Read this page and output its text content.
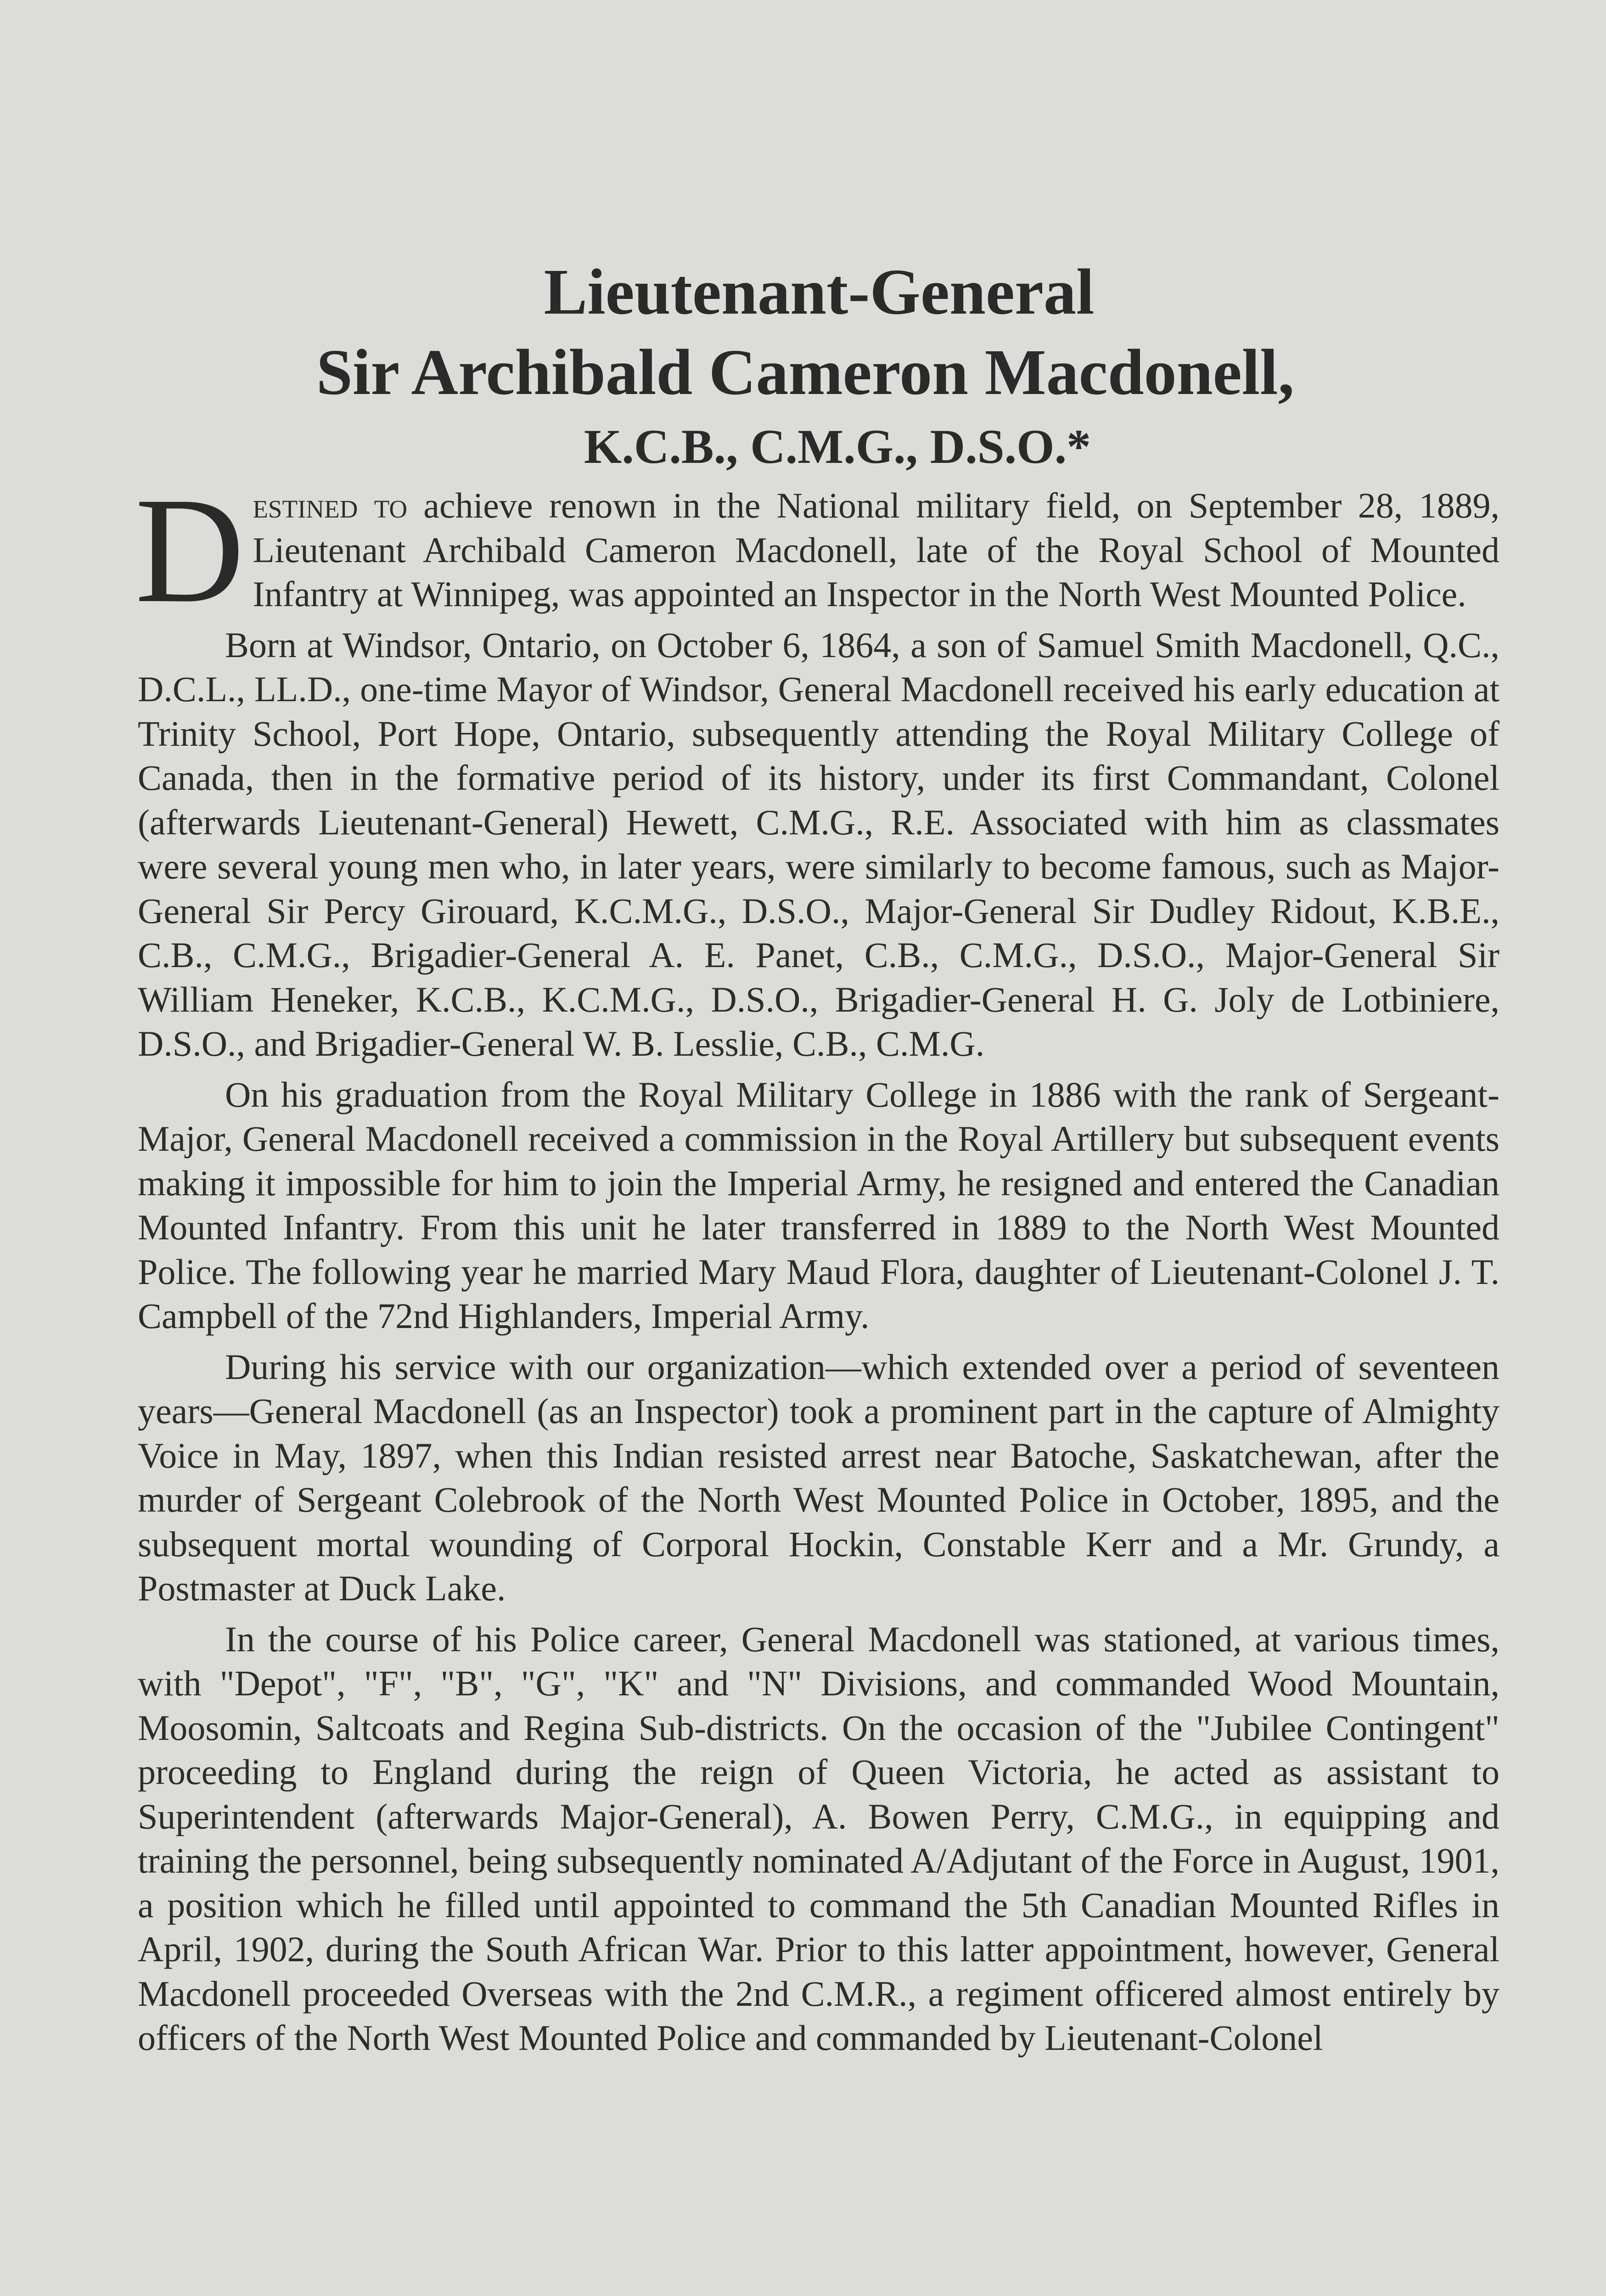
Lieutenant-General
Sir Archibald Cameron Macdonell,
K.C.B., C.M.G., D.S.O.*

Destined to achieve renown in the National military field, on September 28, 1889, Lieutenant Archibald Cameron Macdonell, late of the Royal School of Mounted Infantry at Winnipeg, was appointed an Inspector in the North West Mounted Police.

Born at Windsor, Ontario, on October 6, 1864, a son of Samuel Smith Macdonell, Q.C., D.C.L., LL.D., one-time Mayor of Windsor, General Macdonell received his early education at Trinity School, Port Hope, Ontario, subsequently attending the Royal Military College of Canada, then in the formative period of its history, under its first Commandant, Colonel (afterwards Lieutenant-General) Hewett, C.M.G., R.E. Associated with him as classmates were several young men who, in later years, were similarly to become famous, such as Major-General Sir Percy Girouard, K.C.M.G., D.S.O., Major-General Sir Dudley Ridout, K.B.E., C.B., C.M.G., Brigadier-General A. E. Panet, C.B., C.M.G., D.S.O., Major-General Sir William Heneker, K.C.B., K.C.M.G., D.S.O., Brigadier-General H. G. Joly de Lotbiniere, D.S.O., and Brigadier-General W. B. Lesslie, C.B., C.M.G.

On his graduation from the Royal Military College in 1886 with the rank of Sergeant-Major, General Macdonell received a commission in the Royal Artillery but subsequent events making it impossible for him to join the Imperial Army, he resigned and entered the Canadian Mounted Infantry. From this unit he later transferred in 1889 to the North West Mounted Police. The following year he married Mary Maud Flora, daughter of Lieutenant-Colonel J. T. Campbell of the 72nd Highlanders, Imperial Army.

During his service with our organization—which extended over a period of seventeen years—General Macdonell (as an Inspector) took a prominent part in the capture of Almighty Voice in May, 1897, when this Indian resisted arrest near Batoche, Saskatchewan, after the murder of Sergeant Colebrook of the North West Mounted Police in October, 1895, and the subsequent mortal wounding of Corporal Hockin, Constable Kerr and a Mr. Grundy, a Postmaster at Duck Lake.

In the course of his Police career, General Macdonell was stationed, at various times, with "Depot", "F", "B", "G", "K" and "N" Divisions, and commanded Wood Mountain, Moosomin, Saltcoats and Regina Sub-districts. On the occasion of the "Jubilee Contingent" proceeding to England during the reign of Queen Victoria, he acted as assistant to Superintendent (afterwards Major-General), A. Bowen Perry, C.M.G., in equipping and training the personnel, being subsequently nominated A/Adjutant of the Force in August, 1901, a position which he filled until appointed to command the 5th Canadian Mounted Rifles in April, 1902, during the South African War. Prior to this latter appointment, however, General Macdonell proceeded Overseas with the 2nd C.M.R., a regiment officered almost entirely by officers of the North West Mounted Police and commanded by Lieutenant-Colonel
